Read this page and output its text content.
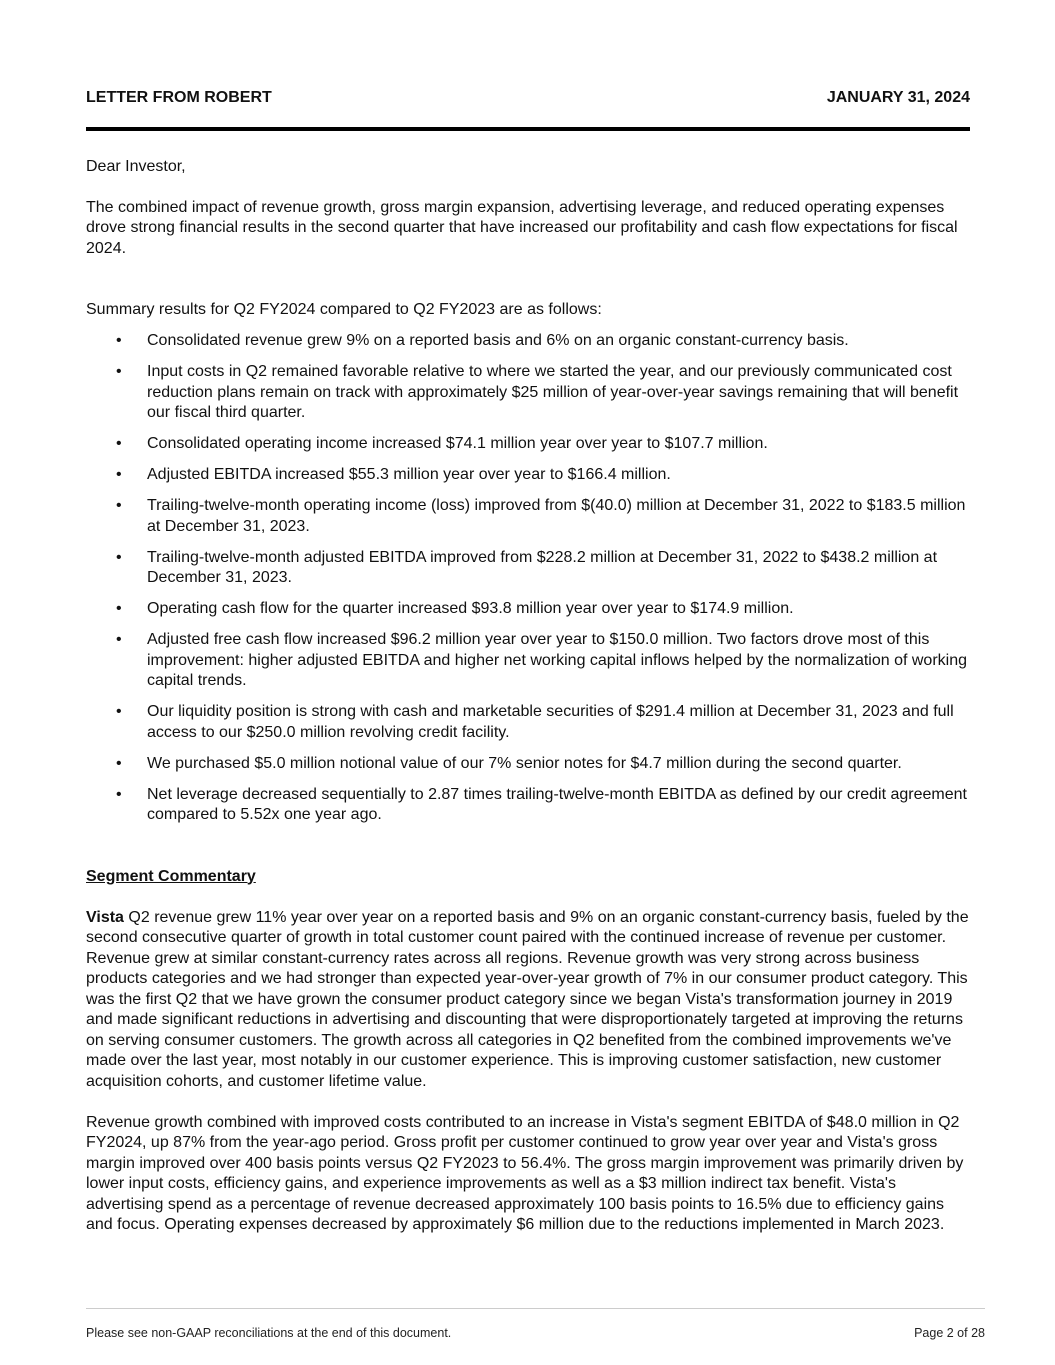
LETTER FROM ROBERT	JANUARY 31, 2024

Dear Investor,

The combined impact of revenue growth, gross margin expansion, advertising leverage, and reduced operating expenses drove strong financial results in the second quarter that have increased our profitability and cash flow expectations for fiscal 2024.

Summary results for Q2 FY2024 compared to Q2 FY2023 are as follows:

• Consolidated revenue grew 9% on a reported basis and 6% on an organic constant-currency basis.
• Input costs in Q2 remained favorable relative to where we started the year, and our previously communicated cost reduction plans remain on track with approximately $25 million of year-over-year savings remaining that will benefit our fiscal third quarter.
• Consolidated operating income increased $74.1 million year over year to $107.7 million.
• Adjusted EBITDA increased $55.3 million year over year to $166.4 million.
• Trailing-twelve-month operating income (loss) improved from $(40.0) million at December 31, 2022 to $183.5 million at December 31, 2023.
• Trailing-twelve-month adjusted EBITDA improved from $228.2 million at December 31, 2022 to $438.2 million at December 31, 2023.
• Operating cash flow for the quarter increased $93.8 million year over year to $174.9 million.
• Adjusted free cash flow increased $96.2 million year over year to $150.0 million. Two factors drove most of this improvement: higher adjusted EBITDA and higher net working capital inflows helped by the normalization of working capital trends.
• Our liquidity position is strong with cash and marketable securities of $291.4 million at December 31, 2023 and full access to our $250.0 million revolving credit facility.
• We purchased $5.0 million notional value of our 7% senior notes for $4.7 million during the second quarter.
• Net leverage decreased sequentially to 2.87 times trailing-twelve-month EBITDA as defined by our credit agreement compared to 5.52x one year ago.

Segment Commentary

Vista Q2 revenue grew 11% year over year on a reported basis and 9% on an organic constant-currency basis, fueled by the second consecutive quarter of growth in total customer count paired with the continued increase of revenue per customer. Revenue grew at similar constant-currency rates across all regions. Revenue growth was very strong across business products categories and we had stronger than expected year-over-year growth of 7% in our consumer product category. This was the first Q2 that we have grown the consumer product category since we began Vista's transformation journey in 2019 and made significant reductions in advertising and discounting that were disproportionately targeted at improving the returns on serving consumer customers. The growth across all categories in Q2 benefited from the combined improvements we've made over the last year, most notably in our customer experience. This is improving customer satisfaction, new customer acquisition cohorts, and customer lifetime value.

Revenue growth combined with improved costs contributed to an increase in Vista's segment EBITDA of $48.0 million in Q2 FY2024, up 87% from the year-ago period. Gross profit per customer continued to grow year over year and Vista's gross margin improved over 400 basis points versus Q2 FY2023 to 56.4%. The gross margin improvement was primarily driven by lower input costs, efficiency gains, and experience improvements as well as a $3 million indirect tax benefit. Vista's advertising spend as a percentage of revenue decreased approximately 100 basis points to 16.5% due to efficiency gains and focus. Operating expenses decreased by approximately $6 million due to the reductions implemented in March 2023.

Please see non-GAAP reconciliations at the end of this document.	Page 2 of 28
